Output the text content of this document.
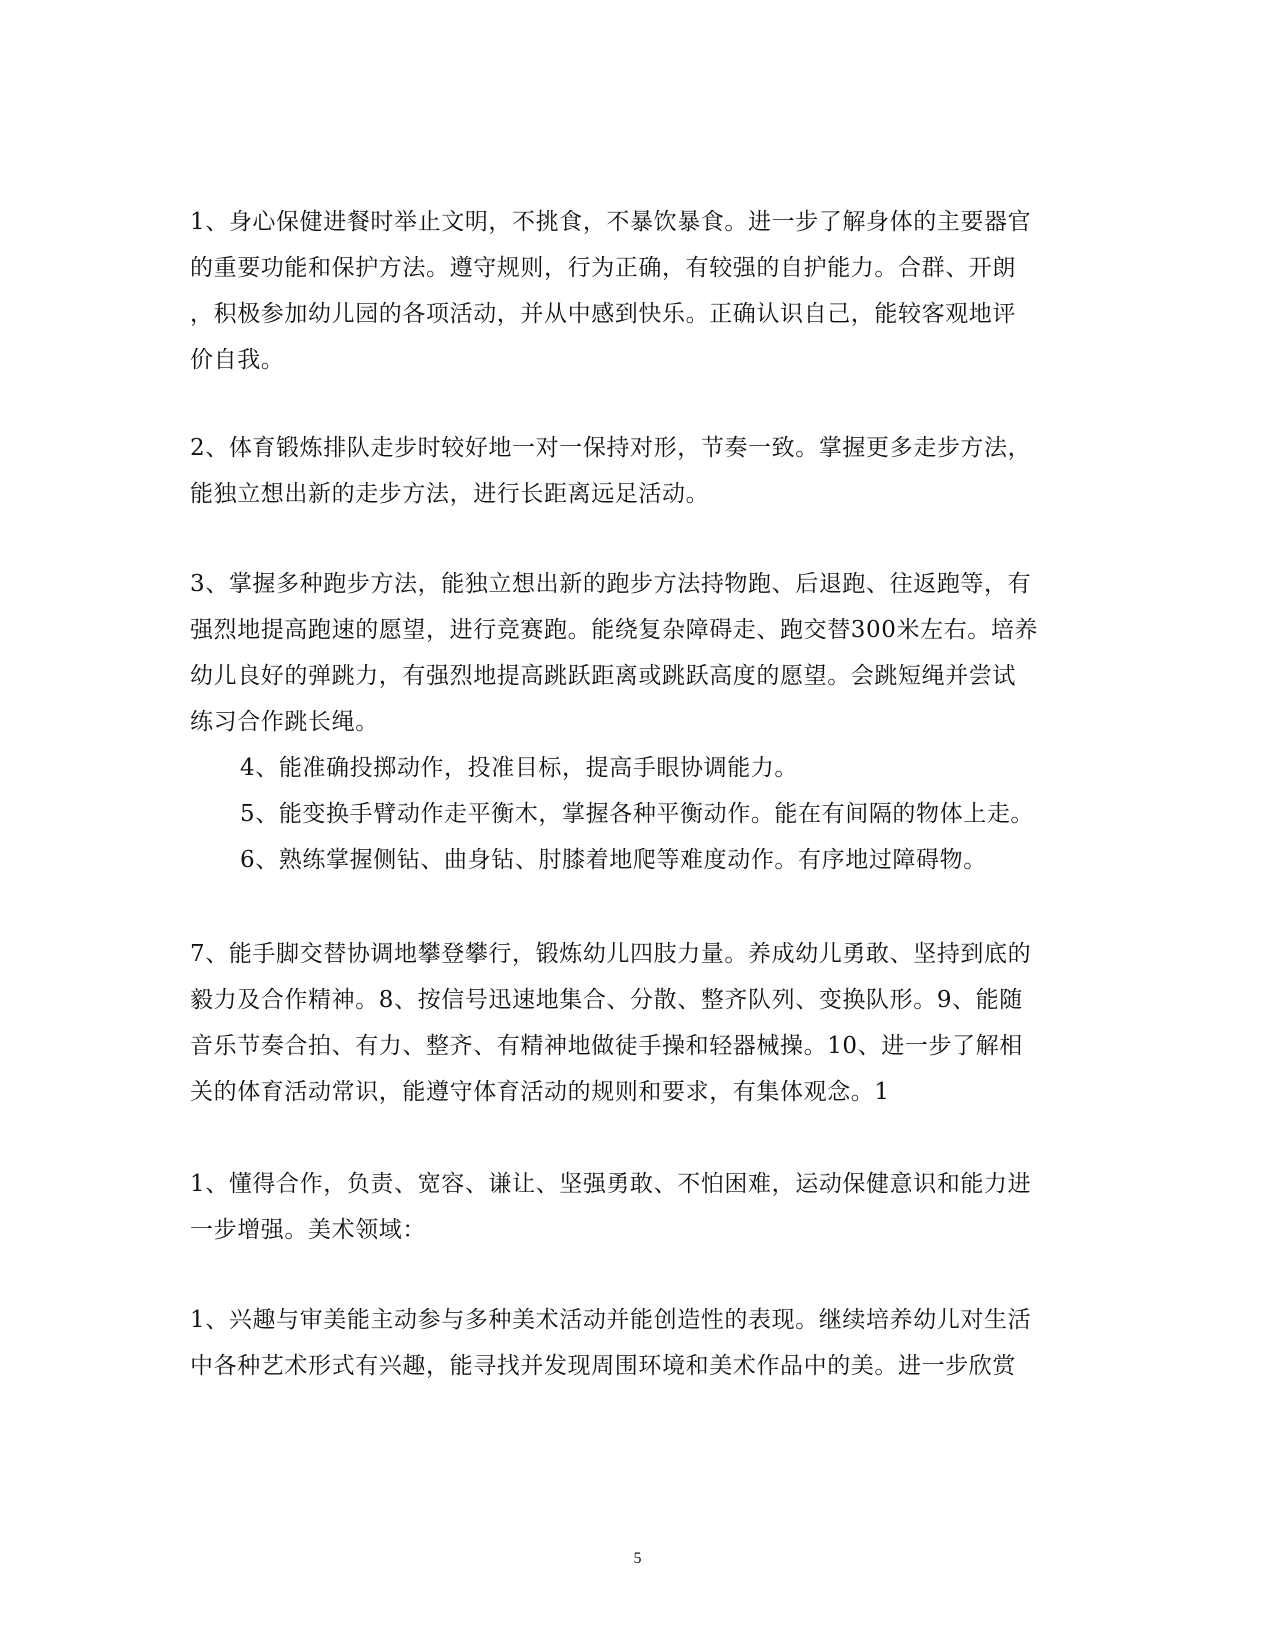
1、身心保健进餐时举止文明，不挑食，不暴饮暴食。进一步了解身体的主要器官
的重要功能和保护方法。遵守规则，行为正确，有较强的自护能力。合群、开朗
，积极参加幼儿园的各项活动，并从中感到快乐。正确认识自己，能较客观地评
价自我。

2、体育锻炼排队走步时较好地一对一保持对形，节奏一致。掌握更多走步方法，
能独立想出新的走步方法，进行长距离远足活动。

3、掌握多种跑步方法，能独立想出新的跑步方法持物跑、后退跑、往返跑等，有
强烈地提高跑速的愿望，进行竞赛跑。能绕复杂障碍走、跑交替300米左右。培养
幼儿良好的弹跳力，有强烈地提高跳跃距离或跳跃高度的愿望。会跳短绳并尝试
练习合作跳长绳。

4、能准确投掷动作，投准目标，提高手眼协调能力。
5、能变换手臂动作走平衡木，掌握各种平衡动作。能在有间隔的物体上走。
6、熟练掌握侧钻、曲身钻、肘膝着地爬等难度动作。有序地过障碍物。

7、能手脚交替协调地攀登攀行，锻炼幼儿四肢力量。养成幼儿勇敢、坚持到底的
毅力及合作精神。8、按信号迅速地集合、分散、整齐队列、变换队形。9、能随
音乐节奏合拍、有力、整齐、有精神地做徒手操和轻器械操。10、进一步了解相
关的体育活动常识，能遵守体育活动的规则和要求，有集体观念。1

1、懂得合作，负责、宽容、谦让、坚强勇敢、不怕困难，运动保健意识和能力进
一步增强。美术领域：

1、兴趣与审美能主动参与多种美术活动并能创造性的表现。继续培养幼儿对生活
中各种艺术形式有兴趣，能寻找并发现周围环境和美术作品中的美。进一步欣赏

5
